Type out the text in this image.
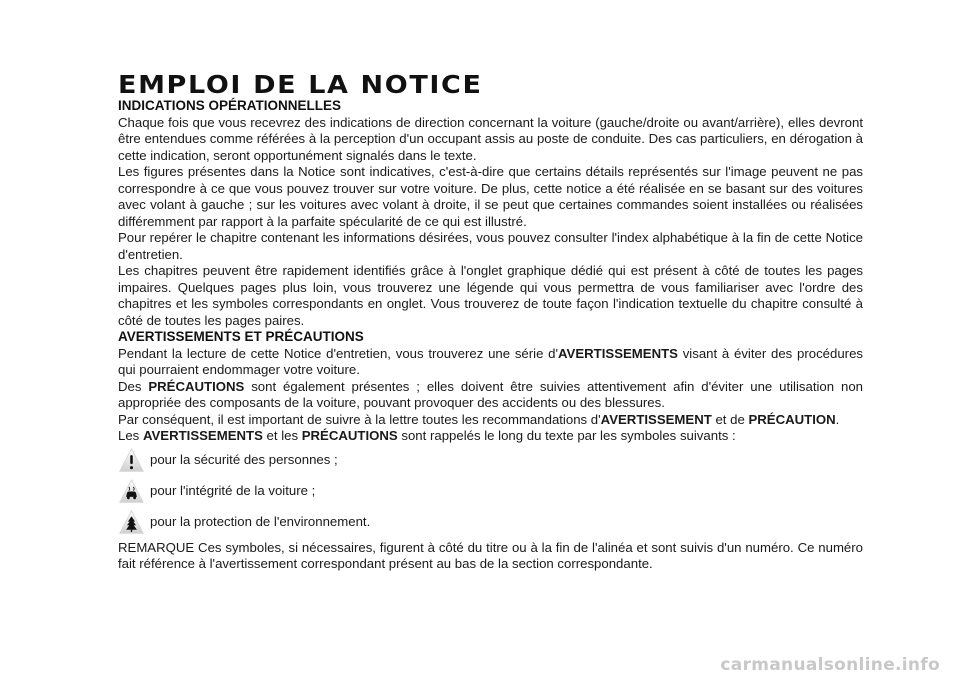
EMPLOI DE LA NOTICE
INDICATIONS OPÉRATIONNELLES

Chaque fois que vous recevrez des indications de direction concernant la voiture (gauche/droite ou avant/arrière), elles devront être entendues comme référées à la perception d'un occupant assis au poste de conduite. Des cas particuliers, en dérogation à cette indication, seront opportunément signalés dans le texte.

Les figures présentes dans la Notice sont indicatives, c'est-à-dire que certains détails représentés sur l'image peuvent ne pas correspondre à ce que vous pouvez trouver sur votre voiture. De plus, cette notice a été réalisée en se basant sur des voitures avec volant à gauche ; sur les voitures avec volant à droite, il se peut que certaines commandes soient installées ou réalisées différemment par rapport à la parfaite spécularité de ce qui est illustré.

Pour repérer le chapitre contenant les informations désirées, vous pouvez consulter l'index alphabétique à la fin de cette Notice d'entretien.

Les chapitres peuvent être rapidement identifiés grâce à l'onglet graphique dédié qui est présent à côté de toutes les pages impaires. Quelques pages plus loin, vous trouverez une légende qui vous permettra de vous familiariser avec l'ordre des chapitres et les symboles correspondants en onglet. Vous trouverez de toute façon l'indication textuelle du chapitre consulté à côté de toutes les pages paires.

AVERTISSEMENTS ET PRÉCAUTIONS

Pendant la lecture de cette Notice d'entretien, vous trouverez une série d'AVERTISSEMENTS visant à éviter des procédures qui pourraient endommager votre voiture.

Des PRÉCAUTIONS sont également présentes ; elles doivent être suivies attentivement afin d'éviter une utilisation non appropriée des composants de la voiture, pouvant provoquer des accidents ou des blessures.

Par conséquent, il est important de suivre à la lettre toutes les recommandations d'AVERTISSEMENT et de PRÉCAUTION.

Les AVERTISSEMENTS et les PRÉCAUTIONS sont rappelés le long du texte par les symboles suivants :

pour la sécurité des personnes ;
pour l'intégrité de la voiture ;
pour la protection de l'environnement.

REMARQUE Ces symboles, si nécessaires, figurent à côté du titre ou à la fin de l'alinéa et sont suivis d'un numéro. Ce numéro fait référence à l'avertissement correspondant présent au bas de la section correspondante.

carmanualsonline.info
